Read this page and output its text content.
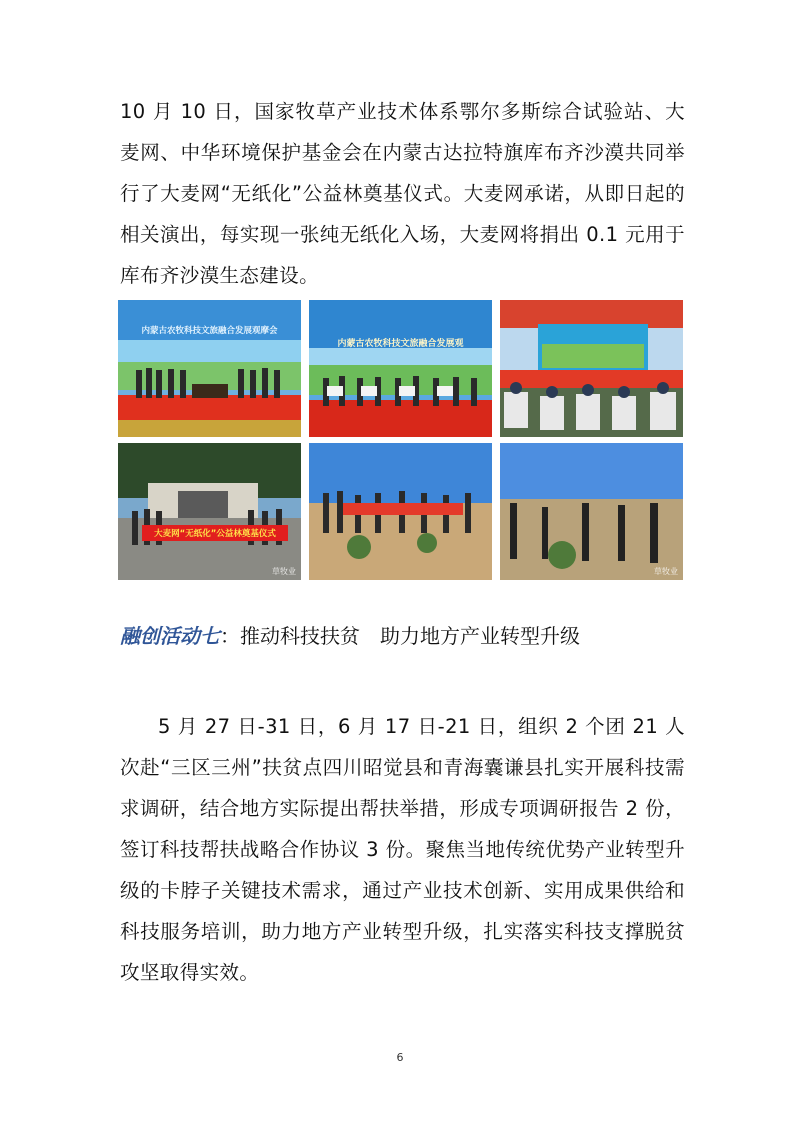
10 月 10 日，国家牧草产业技术体系鄂尔多斯综合试验站、大麦网、中华环境保护基金会在内蒙古达拉特旗库布齐沙漠共同举行了大麦网“无纸化”公益林奠基仪式。大麦网承诺，从即日起的相关演出，每实现一张纯无纸化入场，大麦网将捐出 0.1 元用于库布齐沙漠生态建设。

内蒙古农牧科技文旅融合发展观摩会
内蒙古农牧科技文旅融合发展观
大麦网“无纸化”公益林奠基仪式
草牧业	草牧业
融创活动七：推动科技扶贫 助力地方产业转型升级

5 月 27 日-31 日，6 月 17 日-21 日，组织 2 个团 21 人次赴“三区三州”扶贫点四川昭觉县和青海囊谦县扎实开展科技需求调研，结合地方实际提出帮扶举措，形成专项调研报告 2 份，签订科技帮扶战略合作协议 3 份。聚焦当地传统优势产业转型升级的卡脖子关键技术需求，通过产业技术创新、实用成果供给和科技服务培训，助力地方产业转型升级，扎实落实科技支撑脱贫攻坚取得实效。

6
